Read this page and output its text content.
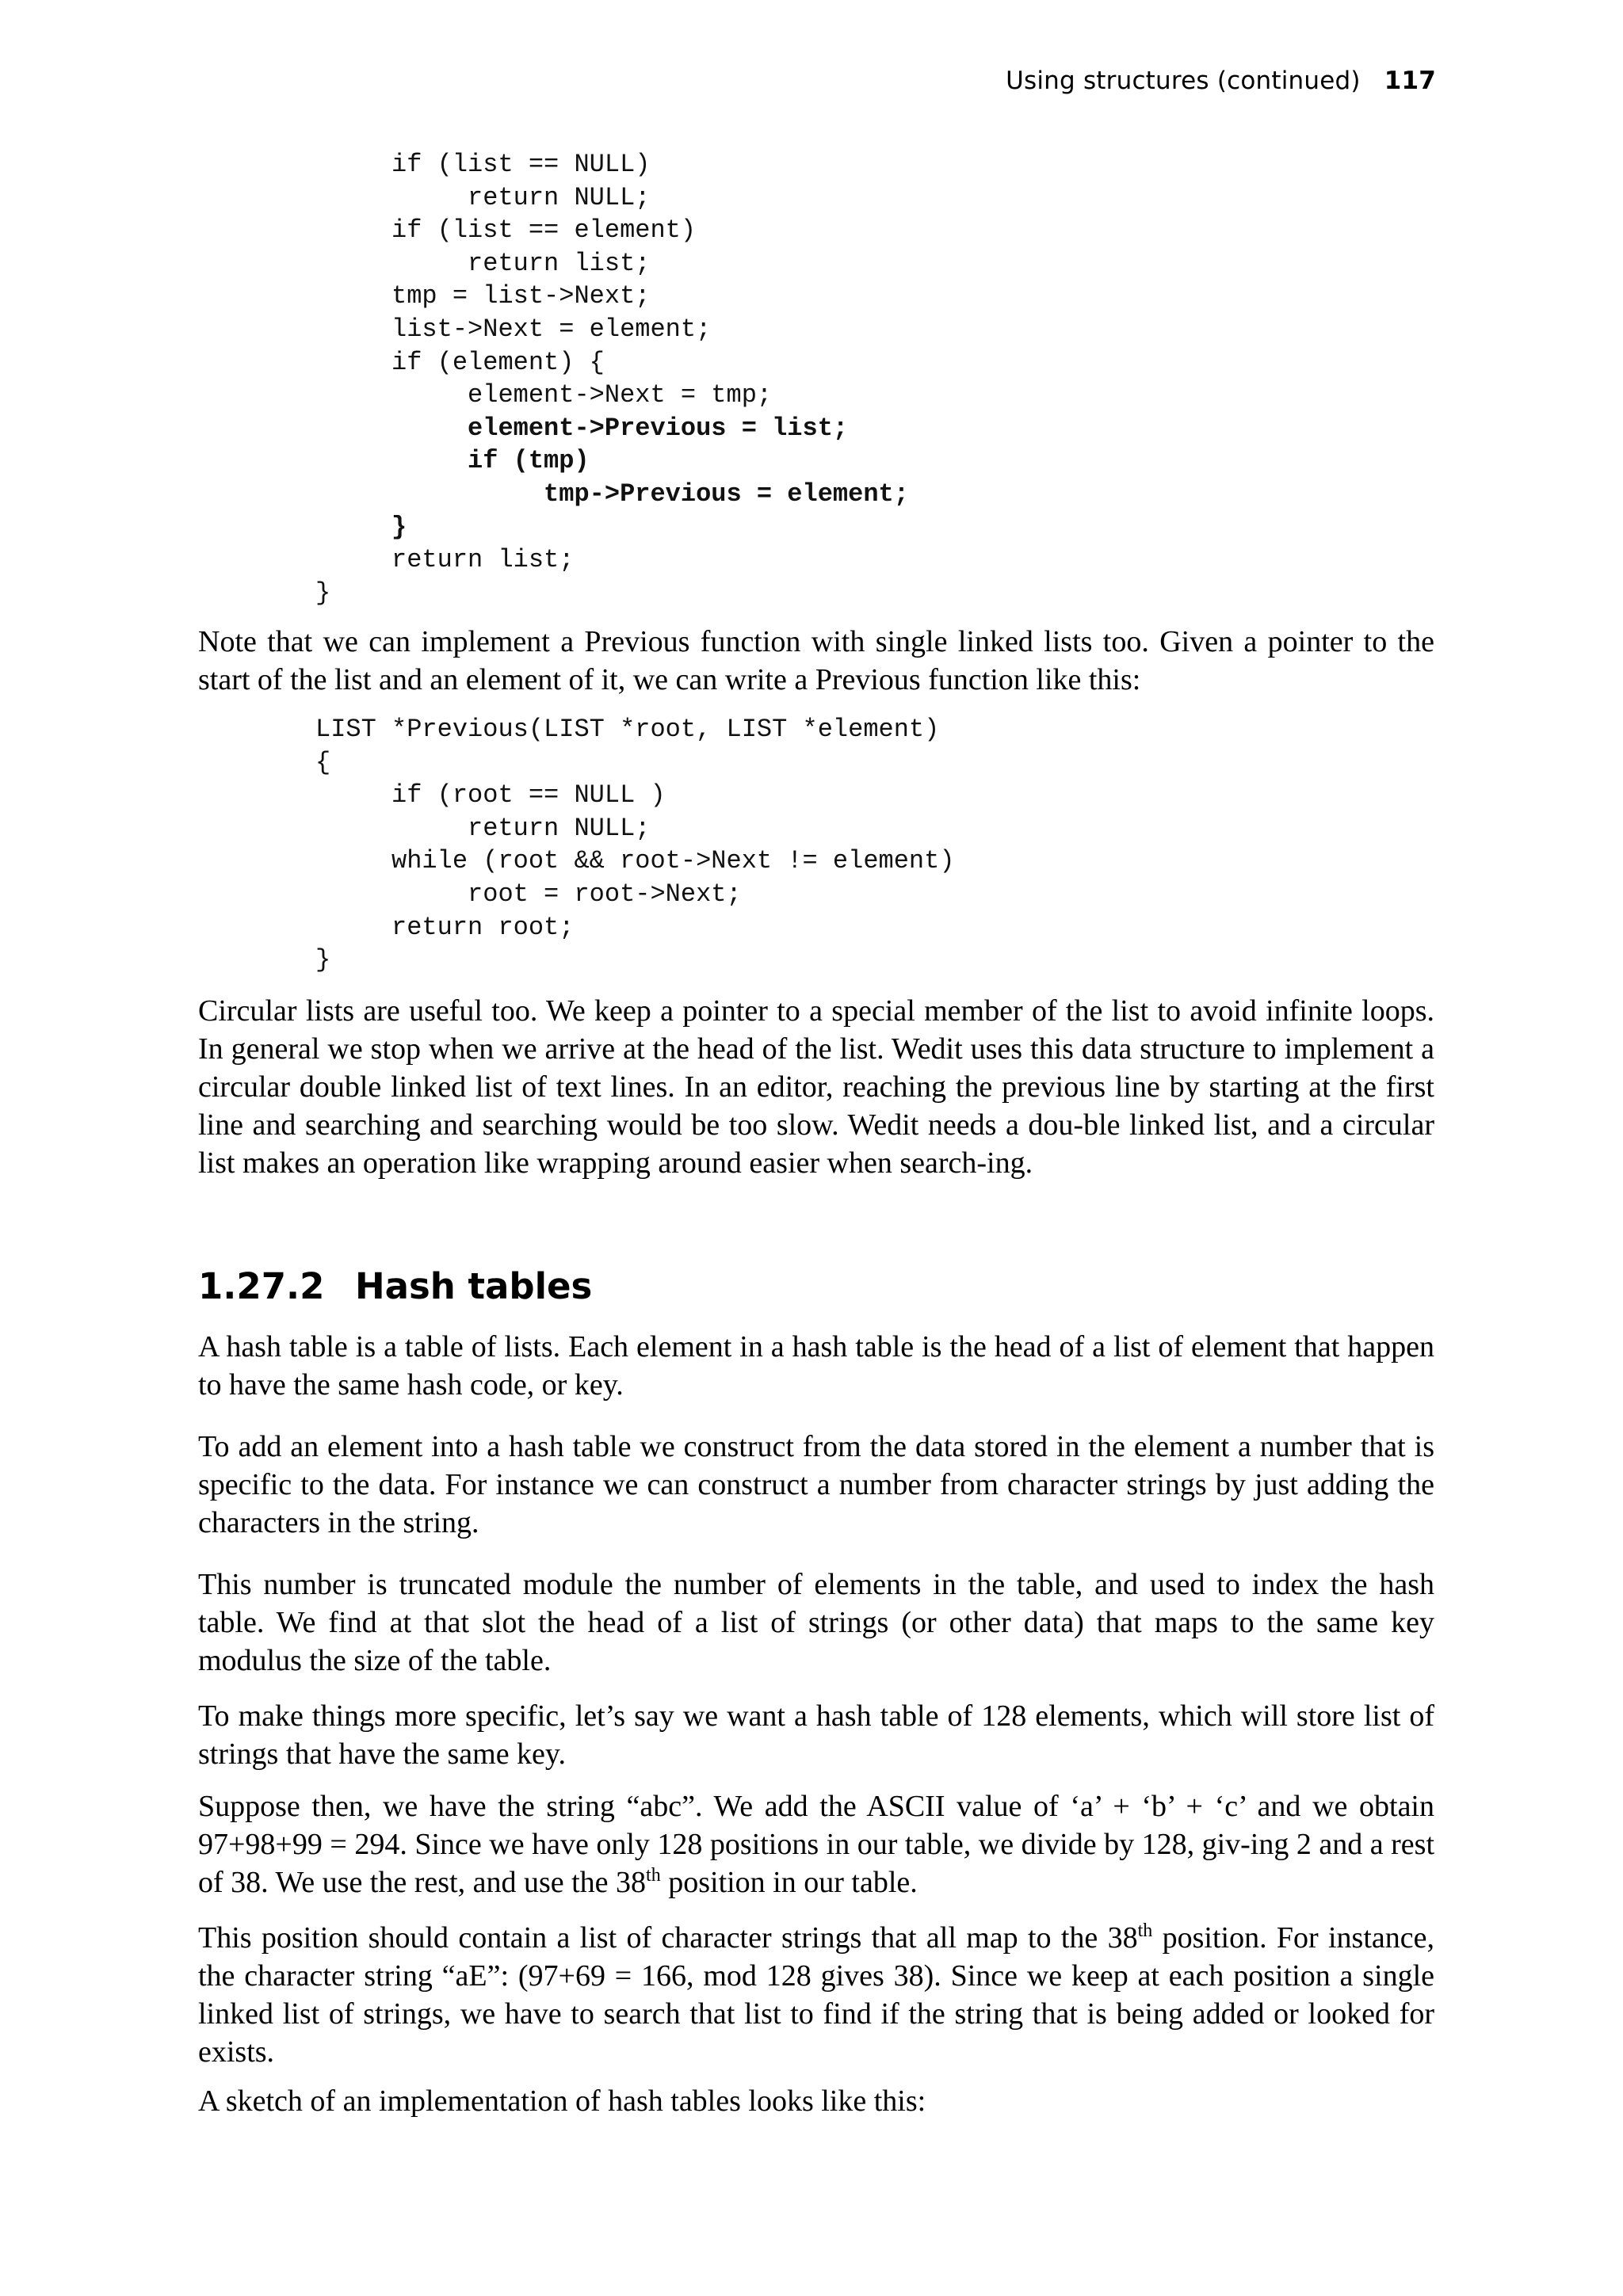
Using structures (continued) 117
if (list == NULL)
return NULL;
if (list == element)
return list;
tmp = list->Next;
list->Next = element;
if (element) {
element->Next = tmp;
element->Previous = list;
if (tmp)
tmp->Previous = element;
}
return list;
}

Note that we can implement a Previous function with single linked lists too. Given a pointer to the start of the list and an element of it, we can write a Previous function like this:

LIST *Previous(LIST *root, LIST *element)
{
if (root == NULL )
return NULL;
while (root && root->Next != element)
root = root->Next;
return root;
}

Circular lists are useful too. We keep a pointer to a special member of the list to avoid infinite loops. In general we stop when we arrive at the head of the list. Wedit uses this data structure to implement a circular double linked list of text lines. In an editor, reaching the previous line by starting at the first line and searching and searching would be too slow. Wedit needs a dou-ble linked list, and a circular list makes an operation like wrapping around easier when search-ing.

1.27.2 Hash tables

A hash table is a table of lists. Each element in a hash table is the head of a list of element that happen to have the same hash code, or key.

To add an element into a hash table we construct from the data stored in the element a number that is specific to the data. For instance we can construct a number from character strings by just adding the characters in the string.

This number is truncated module the number of elements in the table, and used to index the hash table. We find at that slot the head of a list of strings (or other data) that maps to the same key modulus the size of the table.

To make things more specific, let’s say we want a hash table of 128 elements, which will store list of strings that have the same key.

Suppose then, we have the string “abc”. We add the ASCII value of ‘a’ + ‘b’ + ‘c’ and we obtain 97+98+99 = 294. Since we have only 128 positions in our table, we divide by 128, giv-ing 2 and a rest of 38. We use the rest, and use the 38th position in our table.

This position should contain a list of character strings that all map to the 38th position. For instance, the character string “aE”: (97+69 = 166, mod 128 gives 38). Since we keep at each position a single linked list of strings, we have to search that list to find if the string that is being added or looked for exists.

A sketch of an implementation of hash tables looks like this:
